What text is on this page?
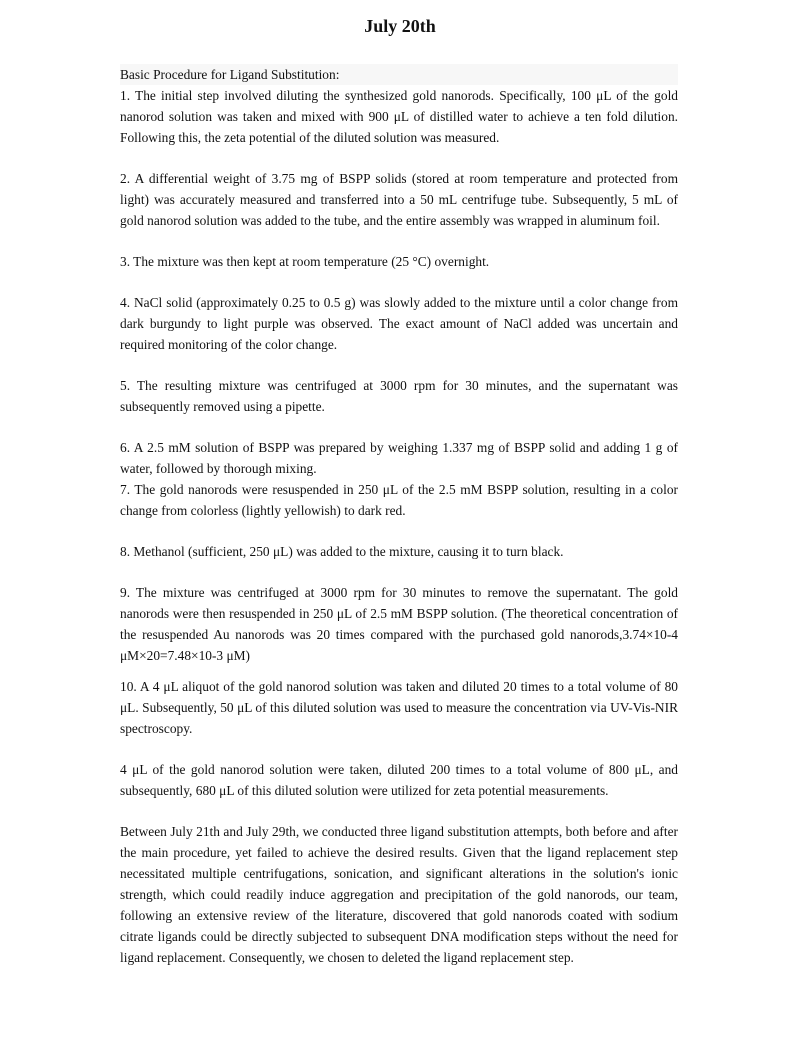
July 20th

Basic Procedure for Ligand Substitution:

1. The initial step involved diluting the synthesized gold nanorods. Specifically, 100 μL of the gold nanorod solution was taken and mixed with 900 μL of distilled water to achieve a ten fold dilution. Following this, the zeta potential of the diluted solution was measured.

2. A differential weight of 3.75 mg of BSPP solids (stored at room temperature and protected from light) was accurately measured and transferred into a 50 mL centrifuge tube. Subsequently, 5 mL of gold nanorod solution was added to the tube, and the entire assembly was wrapped in aluminum foil.

3. The mixture was then kept at room temperature (25 °C) overnight.

4. NaCl solid (approximately 0.25 to 0.5 g) was slowly added to the mixture until a color change from dark burgundy to light purple was observed. The exact amount of NaCl added was uncertain and required monitoring of the color change.

5. The resulting mixture was centrifuged at 3000 rpm for 30 minutes, and the supernatant was subsequently removed using a pipette.

6. A 2.5 mM solution of BSPP was prepared by weighing 1.337 mg of BSPP solid and adding 1 g of water, followed by thorough mixing.

7. The gold nanorods were resuspended in 250 μL of the 2.5 mM BSPP solution, resulting in a color change from colorless (lightly yellowish) to dark red.

8. Methanol (sufficient, 250 μL) was added to the mixture, causing it to turn black.

9. The mixture was centrifuged at 3000 rpm for 30 minutes to remove the supernatant. The gold nanorods were then resuspended in 250 μL of 2.5 mM BSPP solution. (The theoretical concentration of the resuspended Au nanorods was 20 times compared with the purchased gold nanorods,3.74×10-4 μM×20=7.48×10-3 μM)

10. A 4 μL aliquot of the gold nanorod solution was taken and diluted 20 times to a total volume of 80 μL. Subsequently, 50 μL of this diluted solution was used to measure the concentration via UV-Vis-NIR spectroscopy.

4 μL of the gold nanorod solution were taken, diluted 200 times to a total volume of 800 μL, and subsequently, 680 μL of this diluted solution were utilized for zeta potential measurements.

Between July 21th and July 29th, we conducted three ligand substitution attempts, both before and after the main procedure, yet failed to achieve the desired results. Given that the ligand replacement step necessitated multiple centrifugations, sonication, and significant alterations in the solution's ionic strength, which could readily induce aggregation and precipitation of the gold nanorods, our team, following an extensive review of the literature, discovered that gold nanorods coated with sodium citrate ligands could be directly subjected to subsequent DNA modification steps without the need for ligand replacement. Consequently, we chosen to deleted the ligand replacement step.
